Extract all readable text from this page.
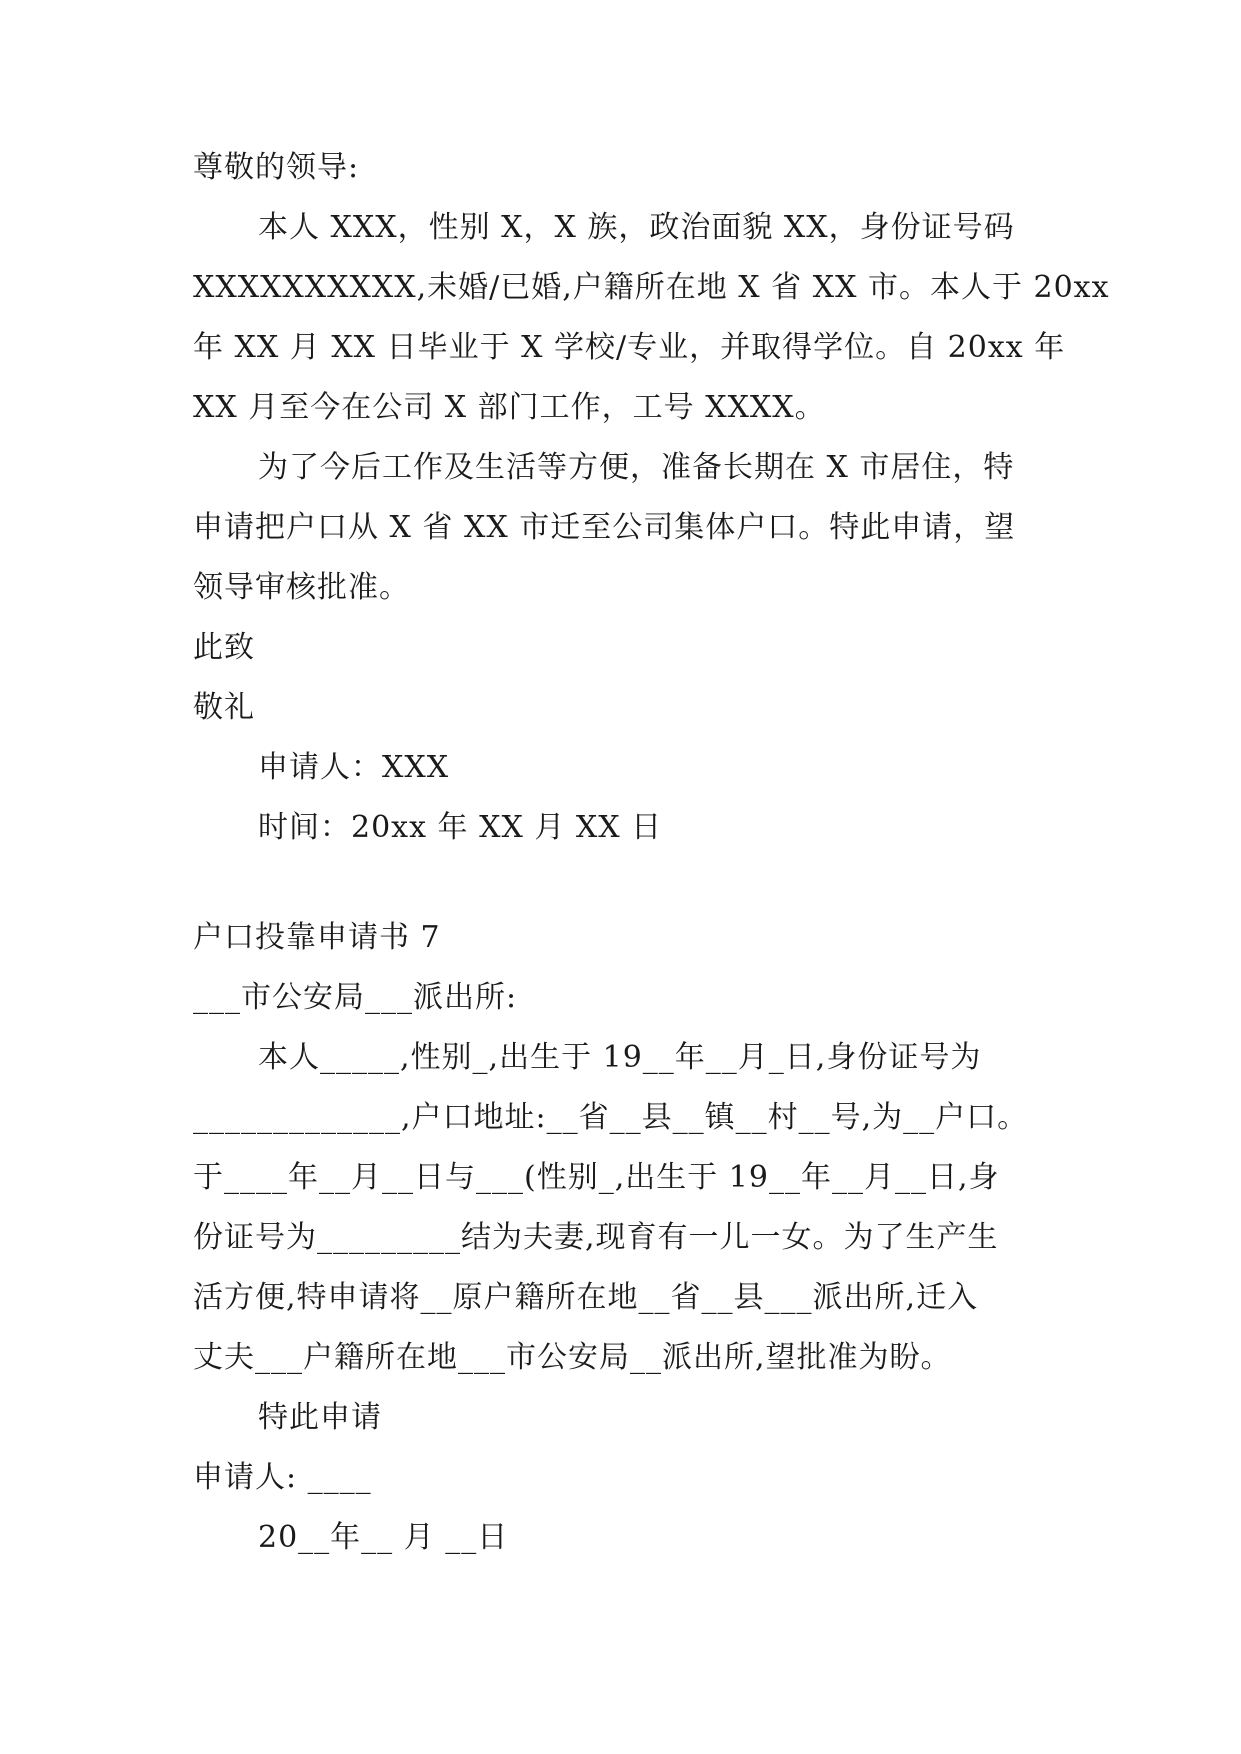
尊敬的领导:
本人 XXX，性别 X，X 族，政治面貌 XX，身份证号码
XXXXXXXXXX,未婚/已婚,户籍所在地 X 省 XX 市。本人于 20xx
年 XX 月 XX 日毕业于 X 学校/专业，并取得学位。自 20xx 年
XX 月至今在公司 X 部门工作，工号 XXXX。
为了今后工作及生活等方便，准备长期在 X 市居住，特
申请把户口从 X 省 XX 市迁至公司集体户口。特此申请，望
领导审核批准。
此致
敬礼
申请人：XXX
时间：20xx 年 XX 月 XX 日
户口投靠申请书 7
___市公安局___派出所:
本人_____,性别_,出生于 19__年__月_日,身份证号为
_____________,户口地址:__省__县__镇__村__号,为__户口。
于____年__月__日与___(性别_,出生于 19__年__月__日,身
份证号为_________结为夫妻,现育有一儿一女。为了生产生
活方便,特申请将__原户籍所在地__省__县___派出所,迁入
丈夫___户籍所在地___市公安局__派出所,望批准为盼。
特此申请
申请人: ____
20__年__ 月 __日
